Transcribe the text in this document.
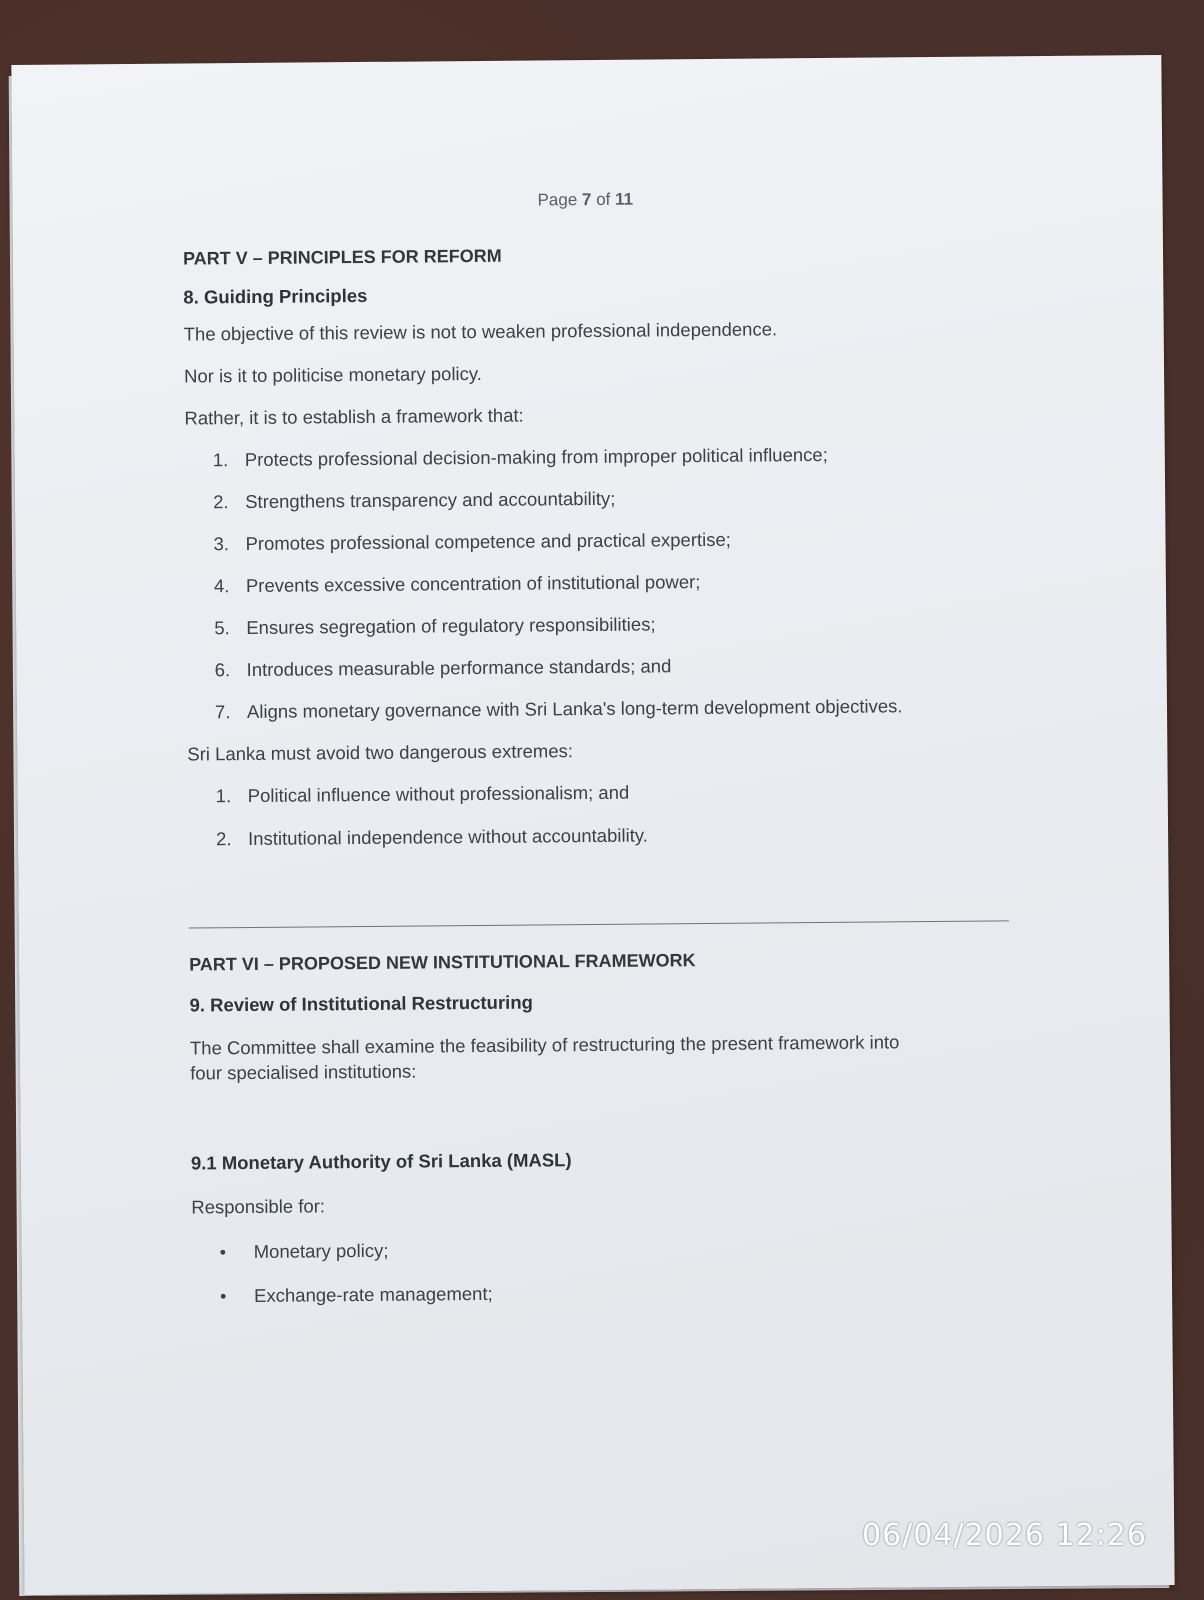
Page 7 of 11
PART V – PRINCIPLES FOR REFORM
8. Guiding Principles

The objective of this review is not to weaken professional independence.

Nor is it to politicise monetary policy.

Rather, it is to establish a framework that:

1. Protects professional decision-making from improper political influence;
2. Strengthens transparency and accountability;
3. Promotes professional competence and practical expertise;
4. Prevents excessive concentration of institutional power;
5. Ensures segregation of regulatory responsibilities;
6. Introduces measurable performance standards; and
7. Aligns monetary governance with Sri Lanka's long-term development objectives.

Sri Lanka must avoid two dangerous extremes:

1. Political influence without professionalism; and
2. Institutional independence without accountability.
PART VI – PROPOSED NEW INSTITUTIONAL FRAMEWORK
9. Review of Institutional Restructuring

The Committee shall examine the feasibility of restructuring the present framework into
four specialised institutions:

9.1 Monetary Authority of Sri Lanka (MASL)

Responsible for:

• Monetary policy;
• Exchange-rate management;
06/04/2026 12:26
